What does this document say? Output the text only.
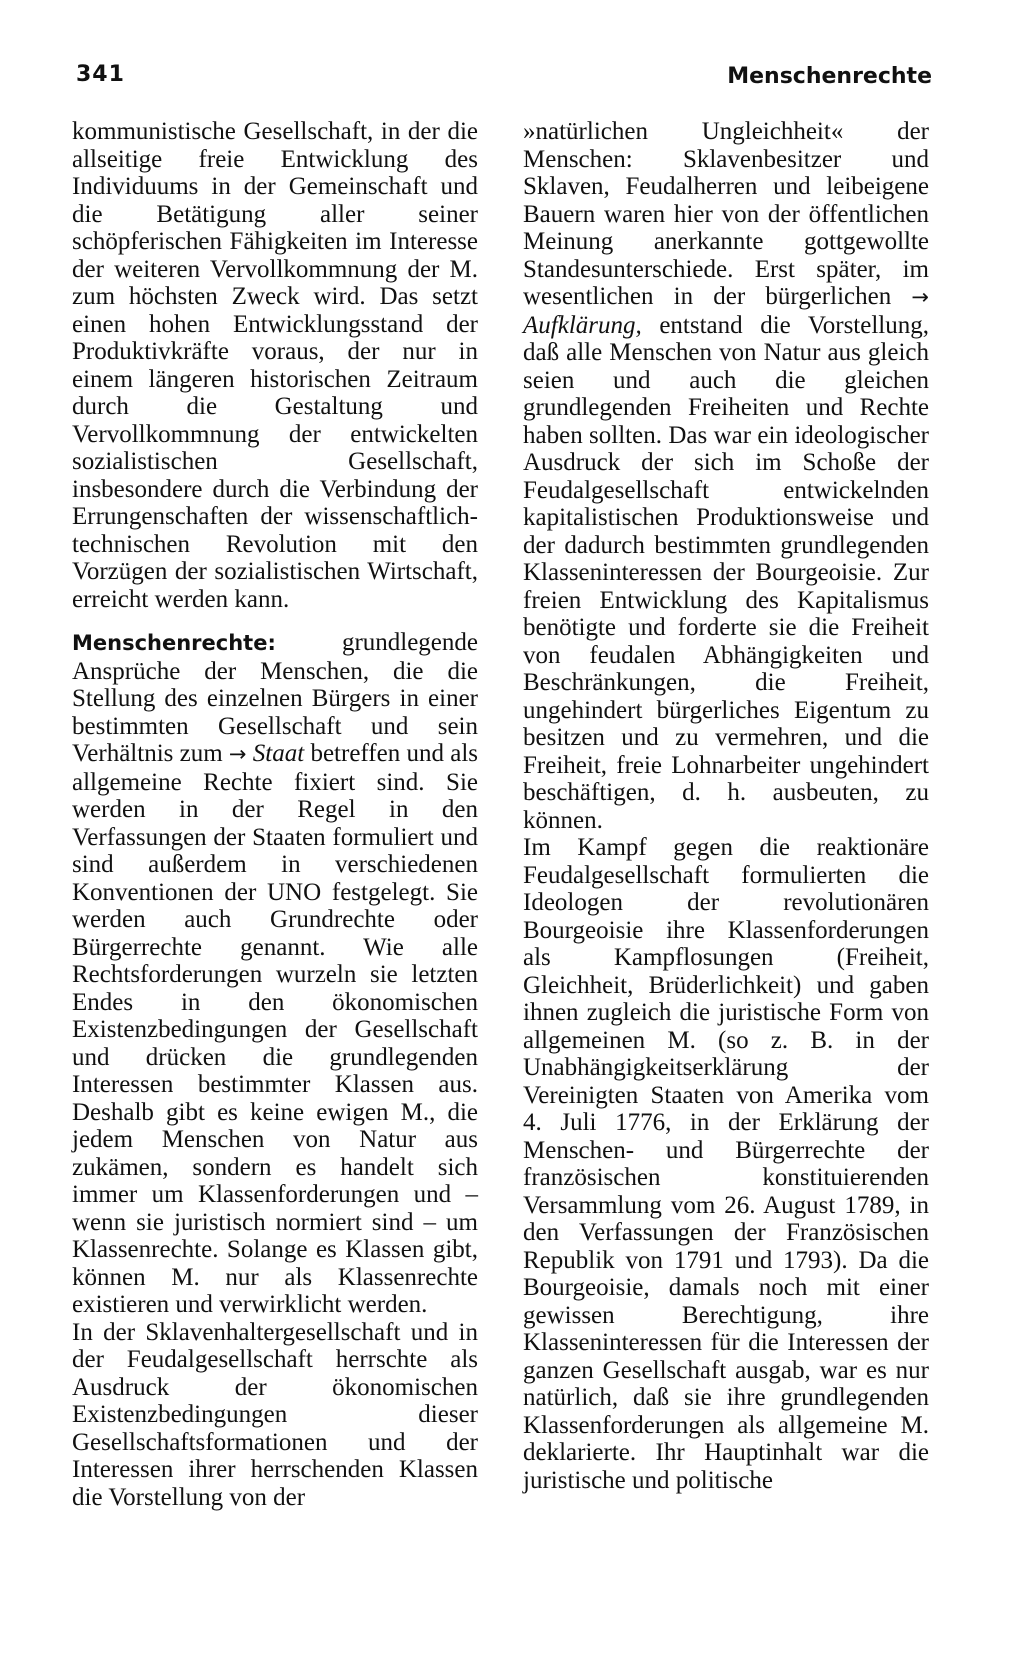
341	Menschenrechte

kommunistische Gesellschaft, in der die allseitige freie Entwicklung des Individuums in der Gemeinschaft und die Betätigung aller seiner schöpferischen Fähigkeiten im Interesse der weiteren Vervollkommnung der M. zum höchsten Zweck wird. Das setzt einen hohen Entwicklungsstand der Produktivkräfte voraus, der nur in einem längeren historischen Zeitraum durch die Gestaltung und Vervollkommnung der entwickelten sozialistischen Gesellschaft, insbesondere durch die Verbindung der Errungenschaften der wissenschaftlich-technischen Revolution mit den Vorzügen der sozialistischen Wirtschaft, erreicht werden kann.

Menschenrechte: grundlegende Ansprüche der Menschen, die die Stellung des einzelnen Bürgers in einer bestimmten Gesellschaft und sein Verhältnis zum → Staat betreffen und als allgemeine Rechte fixiert sind. Sie werden in der Regel in den Verfassungen der Staaten formuliert und sind außerdem in verschiedenen Konventionen der UNO festgelegt. Sie werden auch Grundrechte oder Bürgerrechte genannt. Wie alle Rechtsforderungen wurzeln sie letzten Endes in den ökonomischen Existenzbedingungen der Gesellschaft und drücken die grundlegenden Interessen bestimmter Klassen aus. Deshalb gibt es keine ewigen M., die jedem Menschen von Natur aus zukämen, sondern es handelt sich immer um Klassenforderungen und – wenn sie juristisch normiert sind – um Klassenrechte. Solange es Klassen gibt, können M. nur als Klassenrechte existieren und verwirklicht werden.

In der Sklavenhaltergesellschaft und in der Feudalgesellschaft herrschte als Ausdruck der ökonomischen Existenzbedingungen dieser Gesellschaftsformationen und der Interessen ihrer herrschenden Klassen die Vorstellung von der

»natürlichen Ungleichheit« der Menschen: Sklavenbesitzer und Sklaven, Feudalherren und leibeigene Bauern waren hier von der öffentlichen Meinung anerkannte gottgewollte Standesunterschiede. Erst später, im wesentlichen in der bürgerlichen → Aufklärung, entstand die Vorstellung, daß alle Menschen von Natur aus gleich seien und auch die gleichen grundlegenden Freiheiten und Rechte haben sollten. Das war ein ideologischer Ausdruck der sich im Schoße der Feudalgesellschaft entwickelnden kapitalistischen Produktionsweise und der dadurch bestimmten grundlegenden Klasseninteressen der Bourgeoisie. Zur freien Entwicklung des Kapitalismus benötigte und forderte sie die Freiheit von feudalen Abhängigkeiten und Beschränkungen, die Freiheit, ungehindert bürgerliches Eigentum zu besitzen und zu vermehren, und die Freiheit, freie Lohnarbeiter ungehindert beschäftigen, d. h. ausbeuten, zu können.

Im Kampf gegen die reaktionäre Feudalgesellschaft formulierten die Ideologen der revolutionären Bourgeoisie ihre Klassenforderungen als Kampflosungen (Freiheit, Gleichheit, Brüderlichkeit) und gaben ihnen zugleich die juristische Form von allgemeinen M. (so z. B. in der Unabhängigkeitserklärung der Vereinigten Staaten von Amerika vom 4. Juli 1776, in der Erklärung der Menschen- und Bürgerrechte der französischen konstituierenden Versammlung vom 26. August 1789, in den Verfassungen der Französischen Republik von 1791 und 1793). Da die Bourgeoisie, damals noch mit einer gewissen Berechtigung, ihre Klasseninteressen für die Interessen der ganzen Gesellschaft ausgab, war es nur natürlich, daß sie ihre grundlegenden Klassenforderungen als allgemeine M. deklarierte. Ihr Hauptinhalt war die juristische und politische
